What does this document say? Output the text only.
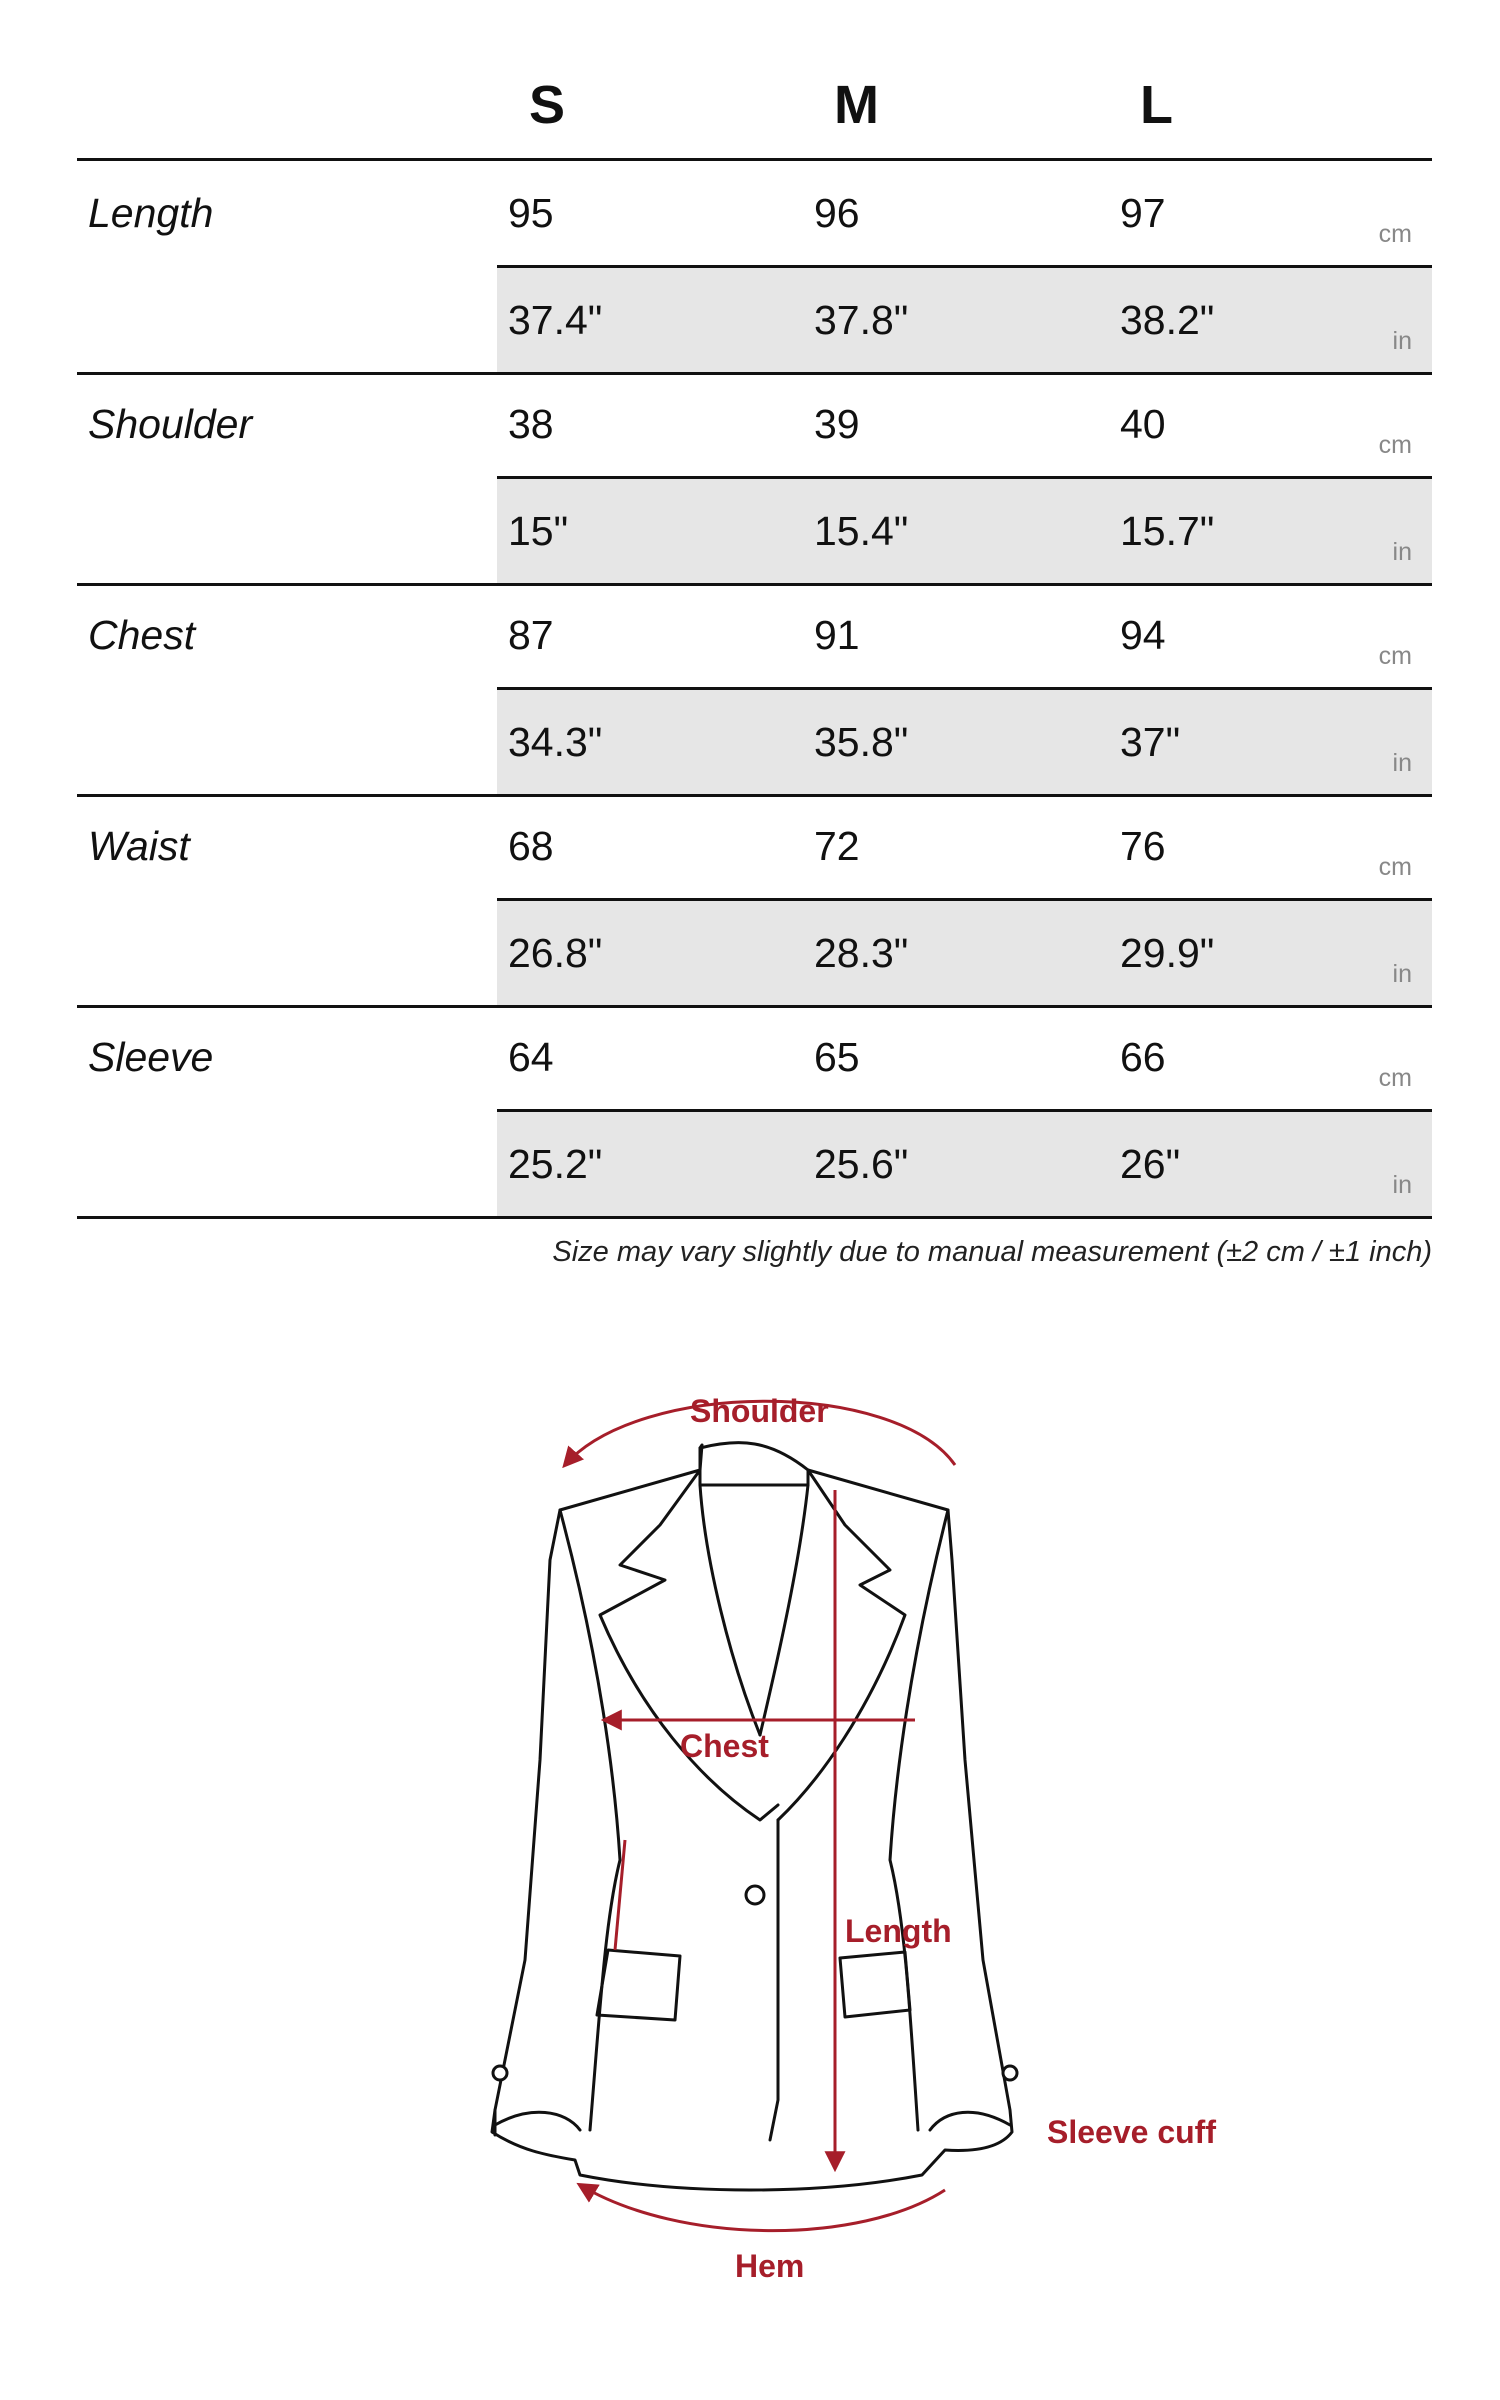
S	M	L
Length	95	96	97	cm
37.4"	37.8"	38.2"	in
Shoulder	38	39	40	cm
15"	15.4"	15.7"	in
Chest	87	91	94	cm
34.3"	35.8"	37"	in
Waist	68	72	76	cm
26.8"	28.3"	29.9"	in
Sleeve	64	65	66	cm
25.2"	25.6"	26"	in
Size may vary slightly due to manual measurement (±2 cm / ±1 inch)
Shoulder
Chest
Length
Sleeve cuff
Hem
